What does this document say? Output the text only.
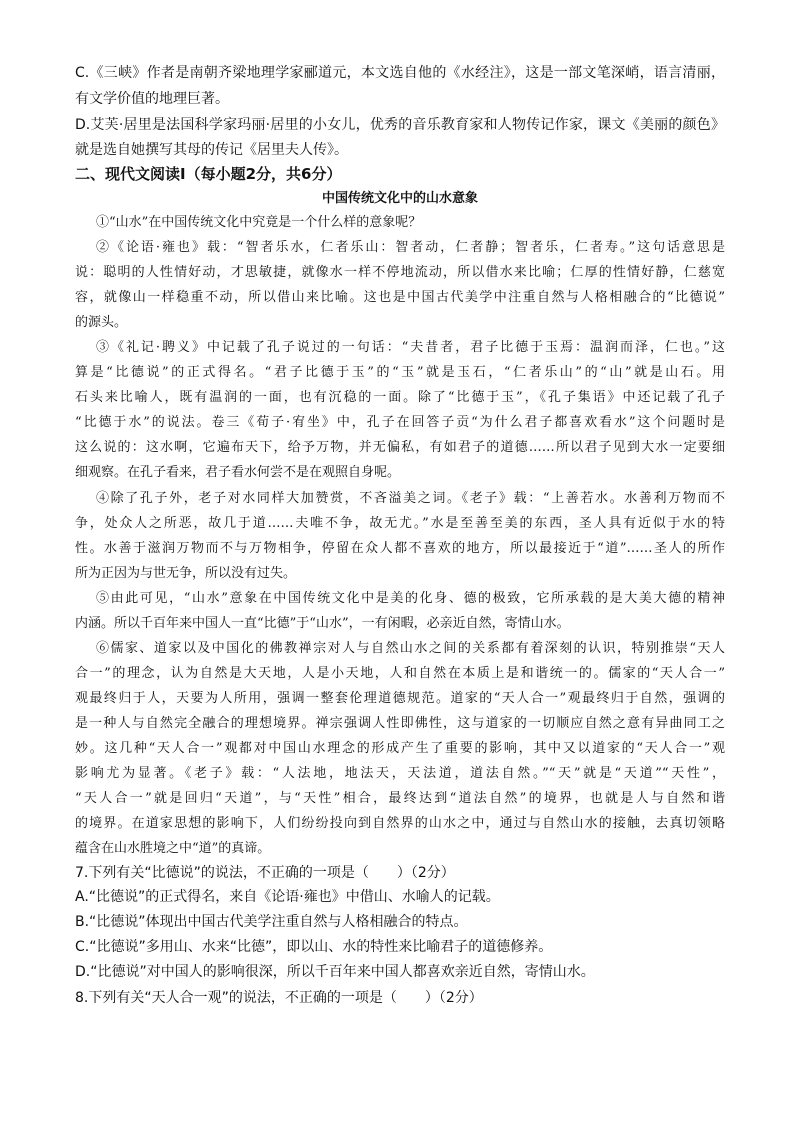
C.《三峡》作者是南朝齐梁地理学家郦道元，本文选自他的《水经注》，这是一部文笔深峭，语言清丽，
有文学价值的地理巨著。
D.艾芙·居里是法国科学家玛丽·居里的小女儿，优秀的音乐教育家和人物传记作家，课文《美丽的颜色》
就是选自她撰写其母的传记《居里夫人传》。
二、现代文阅读Ⅰ（每小题2分，共6分）
中国传统文化中的山水意象
①“山水”在中国传统文化中究竟是一个什么样的意象呢？
②《论语·雍也》载：“智者乐水，仁者乐山：智者动，仁者静；智者乐，仁者寿。”这句话意思是
说：聪明的人性情好动，才思敏捷，就像水一样不停地流动，所以借水来比喻；仁厚的性情好静，仁慈宽
容，就像山一样稳重不动，所以借山来比喻。这也是中国古代美学中注重自然与人格相融合的“比德说”
的源头。
③《礼记·聘义》中记载了孔子说过的一句话：“夫昔者，君子比德于玉焉：温润而泽，仁也。”这
算是“比德说”的正式得名。“君子比德于玉”的“玉”就是玉石，“仁者乐山”的“山”就是山石。用
石头来比喻人，既有温润的一面，也有沉稳的一面。除了“比德于玉”，《孔子集语》中还记载了孔子
“比德于水”的说法。卷三《荀子·宥坐》中，孔子在回答子贡“为什么君子都喜欢看水”这个问题时是
这么说的：这水啊，它遍布天下，给予万物，并无偏私，有如君子的道德……所以君子见到大水一定要细
细观察。在孔子看来，君子看水何尝不是在观照自身呢。
④除了孔子外，老子对水同样大加赞赏，不吝溢美之词。《老子》载：“上善若水。水善利万物而不
争，处众人之所恶，故几于道……夫唯不争，故无尤。”水是至善至美的东西，圣人具有近似于水的特
性。水善于滋润万物而不与万物相争，停留在众人都不喜欢的地方，所以最接近于“道”……圣人的所作
所为正因为与世无争，所以没有过失。
⑤由此可见，“山水”意象在中国传统文化中是美的化身、德的极致，它所承载的是大美大德的精神
内涵。所以千百年来中国人一直“比德”于“山水”，一有闲暇，必亲近自然，寄情山水。
⑥儒家、道家以及中国化的佛教禅宗对人与自然山水之间的关系都有着深刻的认识，特别推崇“天人
合一”的理念，认为自然是大天地，人是小天地，人和自然在本质上是和谐统一的。儒家的“天人合一”
观最终归于人，天要为人所用，强调一整套伦理道德规范。道家的“天人合一”观最终归于自然，强调的
是一种人与自然完全融合的理想境界。禅宗强调人性即佛性，这与道家的一切顺应自然之意有异曲同工之
妙。这几种“天人合一”观都对中国山水理念的形成产生了重要的影响，其中又以道家的“天人合一”观
影响尤为显著。《老子》载：“人法地，地法天，天法道，道法自然。”“天”就是“天道”“天性”，
“天人合一”就是回归“天道”，与“天性”相合，最终达到“道法自然”的境界，也就是人与自然和谐
的境界。在道家思想的影响下，人们纷纷投向到自然界的山水之中，通过与自然山水的接触，去真切领略
蕴含在山水胜境之中“道”的真谛。
7.下列有关“比德说”的说法，不正确的一项是（　　）（2分）
A.“比德说”的正式得名，来自《论语·雍也》中借山、水喻人的记载。
B.“比德说”体现出中国古代美学注重自然与人格相融合的特点。
C.“比德说”多用山、水来“比德”，即以山、水的特性来比喻君子的道德修养。
D.“比德说”对中国人的影响很深，所以千百年来中国人都喜欢亲近自然，寄情山水。
8.下列有关“天人合一观”的说法，不正确的一项是（　　）（2分）
